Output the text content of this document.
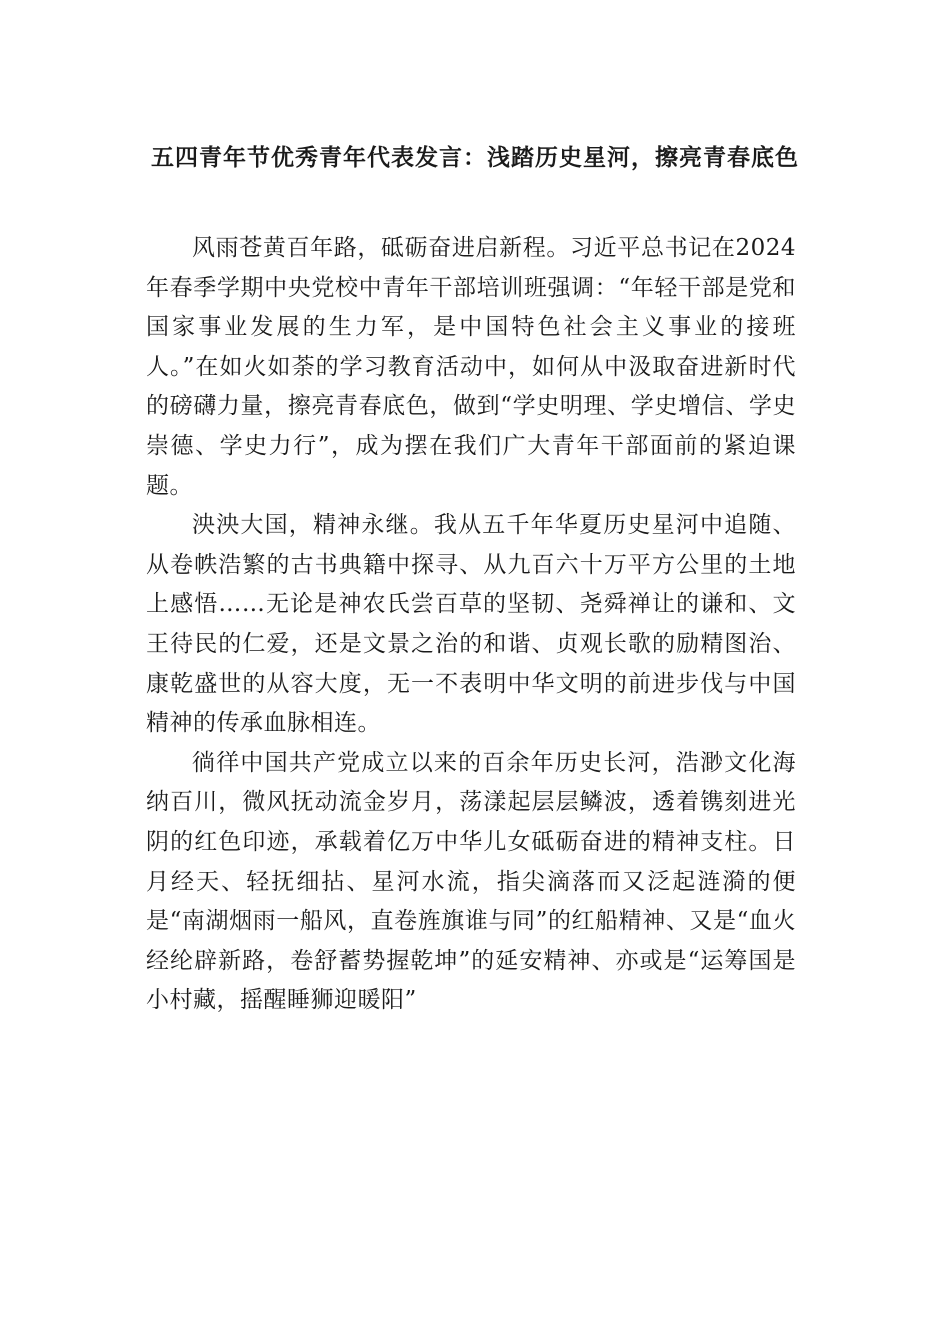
五四青年节优秀青年代表发言：浅踏历史星河，擦亮青春底色

风雨苍黄百年路，砥砺奋进启新程。习近平总书记在2024年春季学期中央党校中青年干部培训班强调：“年轻干部是党和国家事业发展的生力军，是中国特色社会主义事业的接班人。”在如火如荼的学习教育活动中，如何从中汲取奋进新时代的磅礴力量，擦亮青春底色，做到“学史明理、学史增信、学史崇德、学史力行”，成为摆在我们广大青年干部面前的紧迫课题。

泱泱大国，精神永继。我从五千年华夏历史星河中追随、从卷帙浩繁的古书典籍中探寻、从九百六十万平方公里的土地上感悟……无论是神农氏尝百草的坚韧、尧舜禅让的谦和、文王待民的仁爱，还是文景之治的和谐、贞观长歌的励精图治、康乾盛世的从容大度，无一不表明中华文明的前进步伐与中国精神的传承血脉相连。

徜徉中国共产党成立以来的百余年历史长河，浩渺文化海纳百川，微风抚动流金岁月，荡漾起层层鳞波，透着镌刻进光阴的红色印迹，承载着亿万中华儿女砥砺奋进的精神支柱。日月经天、轻抚细拈、星河水流，指尖滴落而又泛起涟漪的便是“南湖烟雨一船风，直卷旌旗谁与同”的红船精神、又是“血火经纶辟新路，卷舒蓄势握乾坤”的延安精神、亦或是“运筹国是小村藏，摇醒睡狮迎暖阳”
